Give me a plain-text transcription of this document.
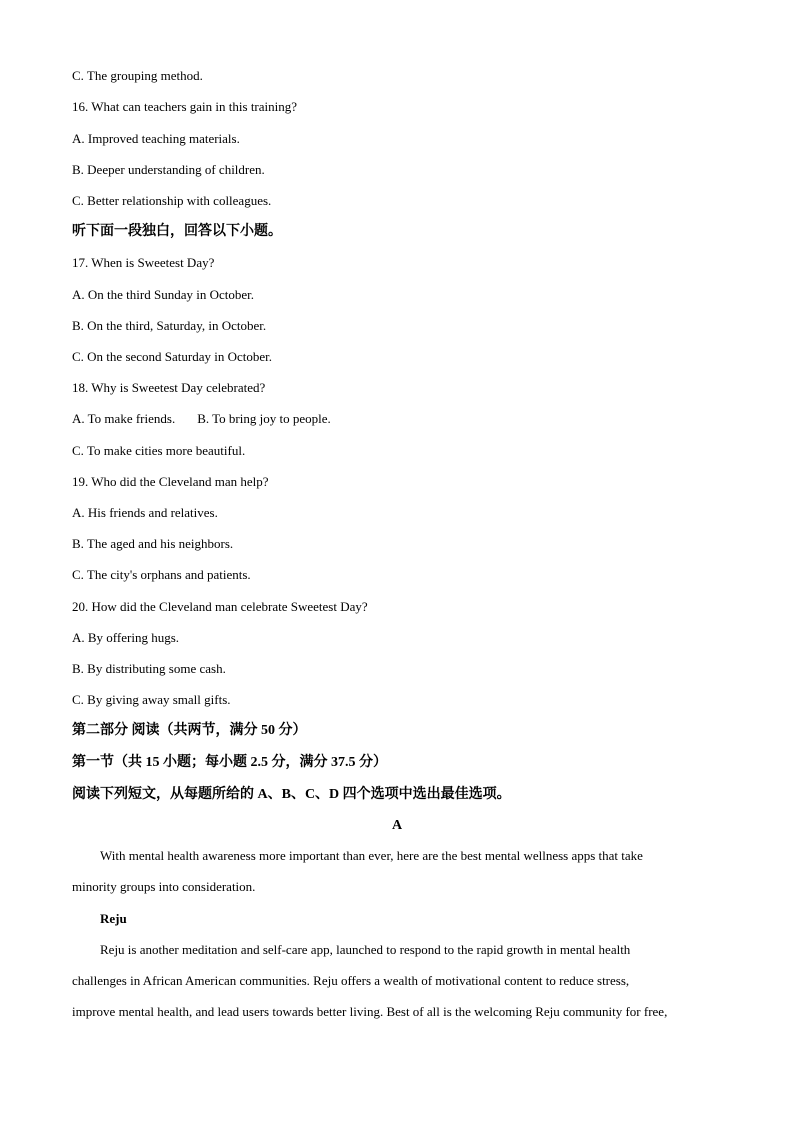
C. The grouping method.
16. What can teachers gain in this training?
A. Improved teaching materials.
B. Deeper understanding of children.
C. Better relationship with colleagues.
听下面一段独白，回答以下小题。
17. When is Sweetest Day?
A. On the third Sunday in October.
B. On the third, Saturday, in October.
C. On the second Saturday in October.
18. Why is Sweetest Day celebrated?
A. To make friends. B. To bring joy to people.
C. To make cities more beautiful.
19. Who did the Cleveland man help?
A. His friends and relatives.
B. The aged and his neighbors.
C. The city's orphans and patients.
20. How did the Cleveland man celebrate Sweetest Day?
A. By offering hugs.
B. By distributing some cash.
C. By giving away small gifts.
第二部分 阅读（共两节，满分 50 分）
第一节（共 15 小题；每小题 2.5 分，满分 37.5 分）
阅读下列短文，从每题所给的 A、B、C、D 四个选项中选出最佳选项。
A
With mental health awareness more important than ever, here are the best mental wellness apps that take
minority groups into consideration.
Reju
Reju is another meditation and self-care app, launched to respond to the rapid growth in mental health
challenges in African American communities. Reju offers a wealth of motivational content to reduce stress,
improve mental health, and lead users towards better living. Best of all is the welcoming Reju community for free,
